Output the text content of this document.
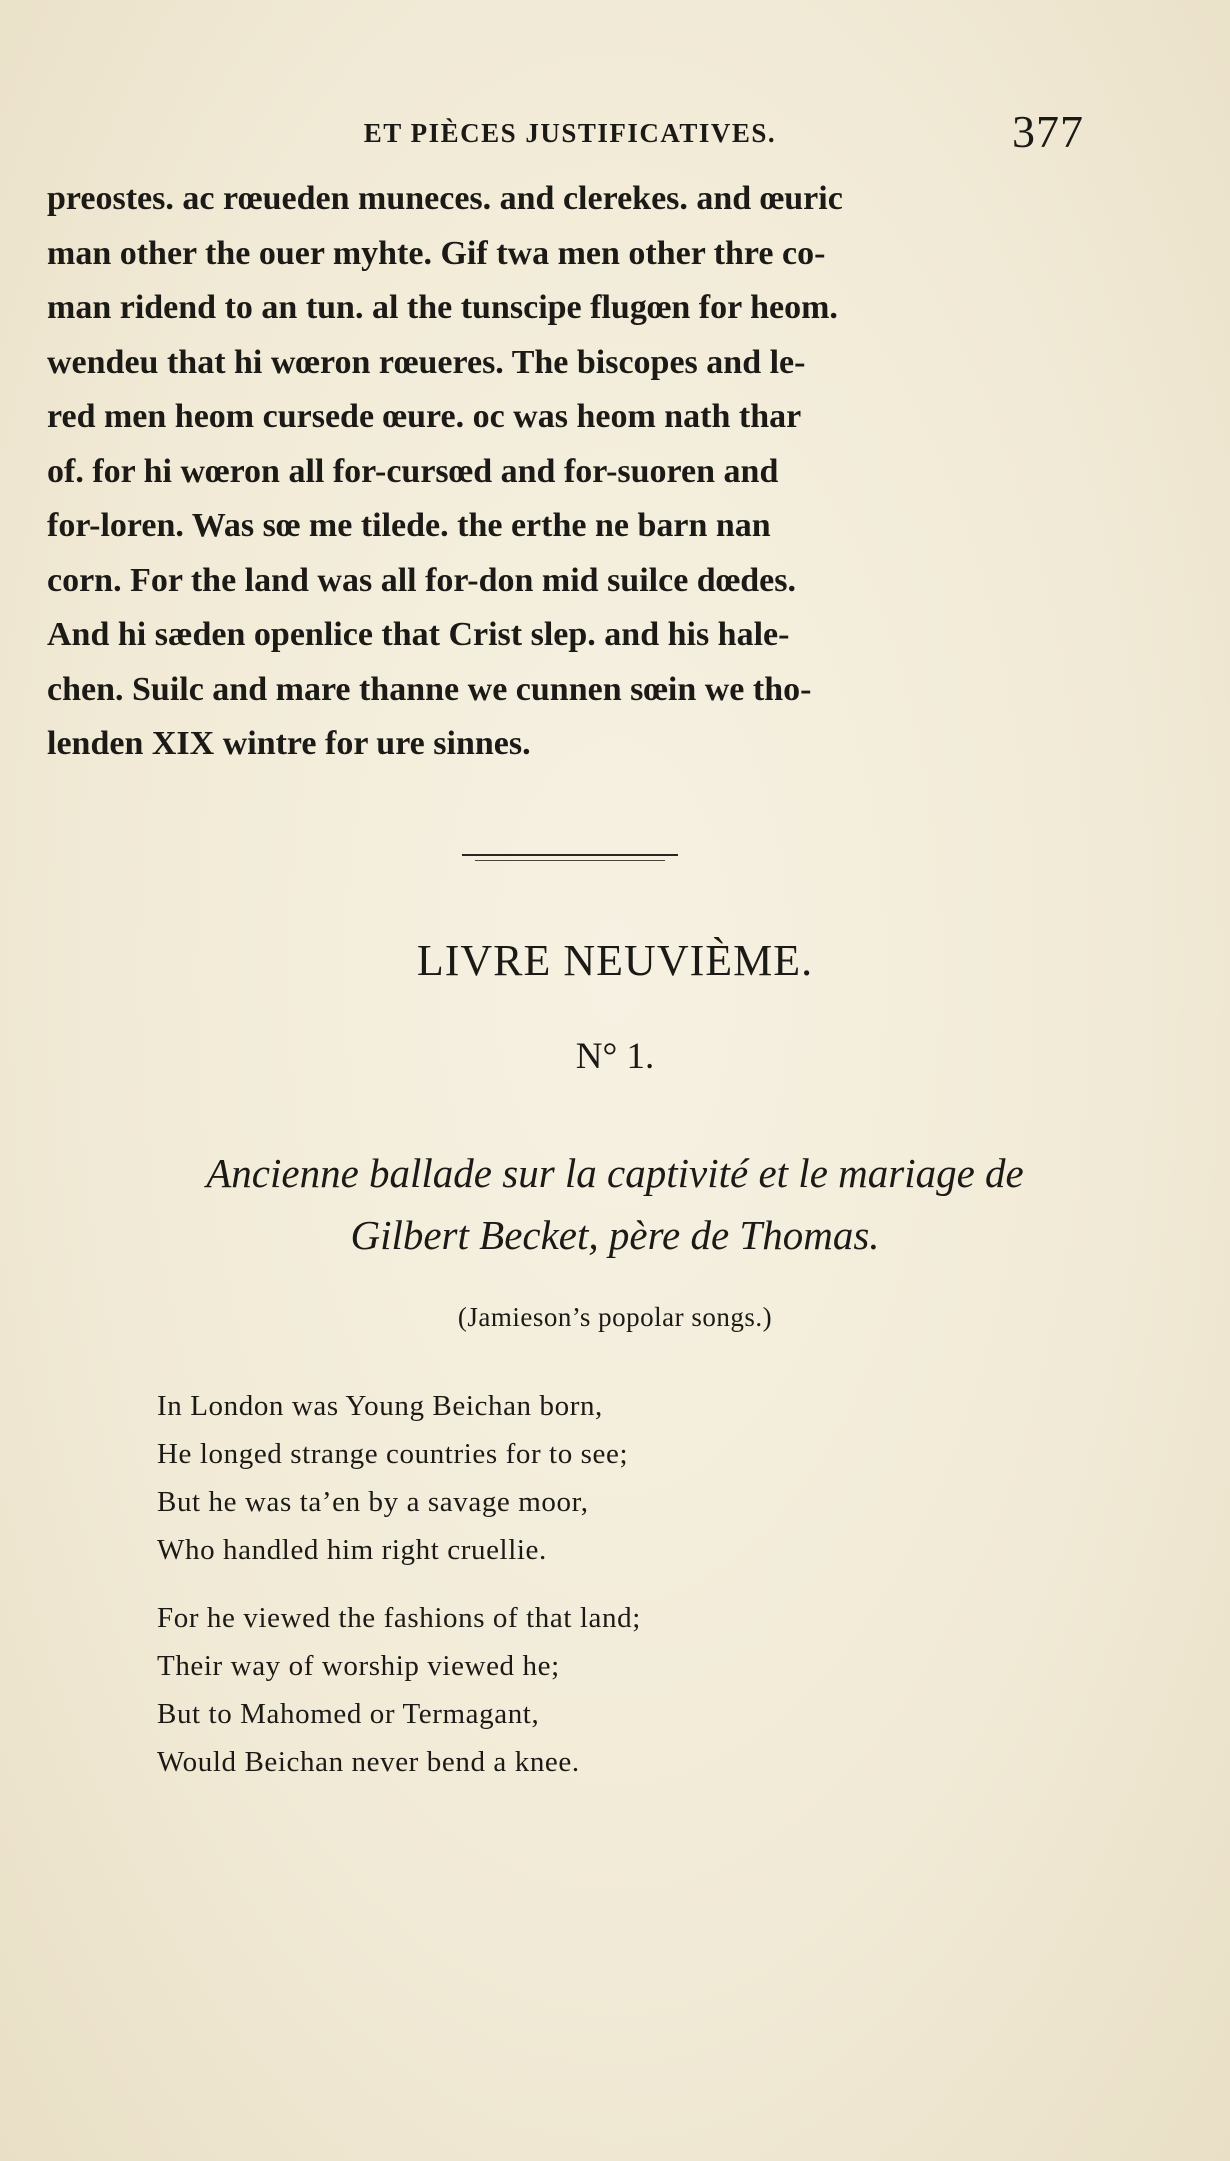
ET PIÈCES JUSTIFICATIVES.	377

preostes. ac rœueden muneces. and clerekes. and œuric
man other the ouer myhte. Gif twa men other thre co-
man ridend to an tun. al the tunscipe flugœn for heom.
wendeu that hi wœron rœueres. The biscopes and le-
red men heom cursede œure. oc was heom nath thar
of. for hi wœron all for-cursœd and for-suoren and
for-loren. Was sœ me tilede. the erthe ne barn nan
corn. For the land was all for-don mid suilce dœdes.
And hi sæden openlice that Crist slep. and his hale-
chen. Suilc and mare thanne we cunnen sœin we tho-
lenden XIX wintre for ure sinnes.

LIVRE NEUVIÈME.
N° 1.
Ancienne ballade sur la captivité et le mariage de
Gilbert Becket, père de Thomas.
(Jamieson’s popolar songs.)
In London was Young Beichan born,
He longed strange countries for to see;
But he was ta’en by a savage moor,
Who handled him right cruellie.
For he viewed the fashions of that land;
Their way of worship viewed he;
But to Mahomed or Termagant,
Would Beichan never bend a knee.
